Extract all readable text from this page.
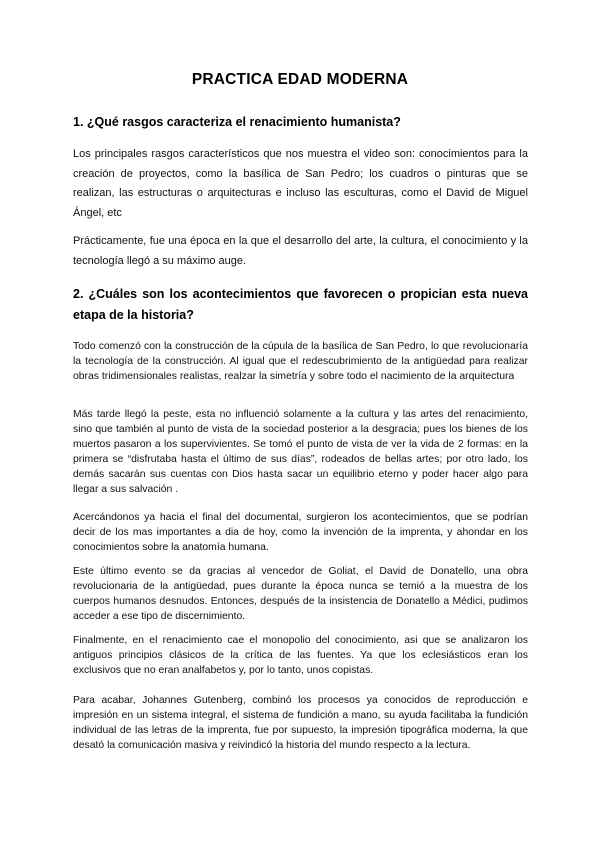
PRACTICA EDAD MODERNA
1. ¿Qué rasgos caracteriza el renacimiento humanista?

Los principales rasgos característicos que nos muestra el video son: conocimientos para la creación de proyectos, como la basílica de San Pedro; los cuadros o pinturas que se realizan, las estructuras o arquitecturas e incluso las esculturas, como el David de Miguel Ángel, etc

Prácticamente, fue una época en la que el desarrollo del arte, la cultura, el conocimiento y la tecnología llegó a su máximo auge.

2. ¿Cuáles son los acontecimientos que favorecen o propician esta nueva etapa de la historia?

Todo comenzó con la construcción de la cúpula de la basílica de San Pedro, lo que revolucionaría la tecnología de la construcción. Al igual que el redescubrimiento de la antigüedad para realizar obras tridimensionales realistas, realzar la simetría y sobre todo el nacimiento de la arquitectura

Más tarde llegó la peste, esta no influenció solamente a la cultura y las artes del renacimiento, sino que también al punto de vista de la sociedad posterior a la desgracia; pues los bienes de los muertos pasaron a los supervivientes. Se tomó el punto de vista de ver la vida de 2 formas: en la primera se “disfrutaba hasta el último de sus días”, rodeados de bellas artes; por otro lado, los demás sacarán sus cuentas con Dios hasta sacar un equilibrio eterno y poder hacer algo para llegar a sus salvación .

Acercándonos ya hacia el final del documental, surgieron los acontecimientos, que se podrían decir de los mas importantes a dia de hoy, como la invención de la imprenta, y ahondar en los conocimientos sobre la anatomía humana.

Este último evento se da gracias al vencedor de Goliat, el David de Donatello, una obra revolucionaria de la antigüedad, pues durante la época nunca se temió a la muestra de los cuerpos humanos desnudos. Entonces, después de la insistencia de Donatello a Médici, pudimos acceder a ese tipo de discernimiento.

Finalmente, en el renacimiento cae el monopolio del conocimiento, asi que se analizaron los antiguos principios clásicos de la crítica de las fuentes. Ya que los eclesiásticos eran los exclusivos que no eran analfabetos y, por lo tanto, unos copistas.

Para acabar, Johannes Gutenberg, combinó los procesos ya conocidos de reproducción e impresión en un sistema integral, el sistema de fundición a mano, su ayuda facilitaba la fundición individual de las letras de la imprenta, fue por supuesto, la impresión tipográfica moderna, la que desató la comunicación masiva y reivindicó la historia del mundo respecto a la lectura.
